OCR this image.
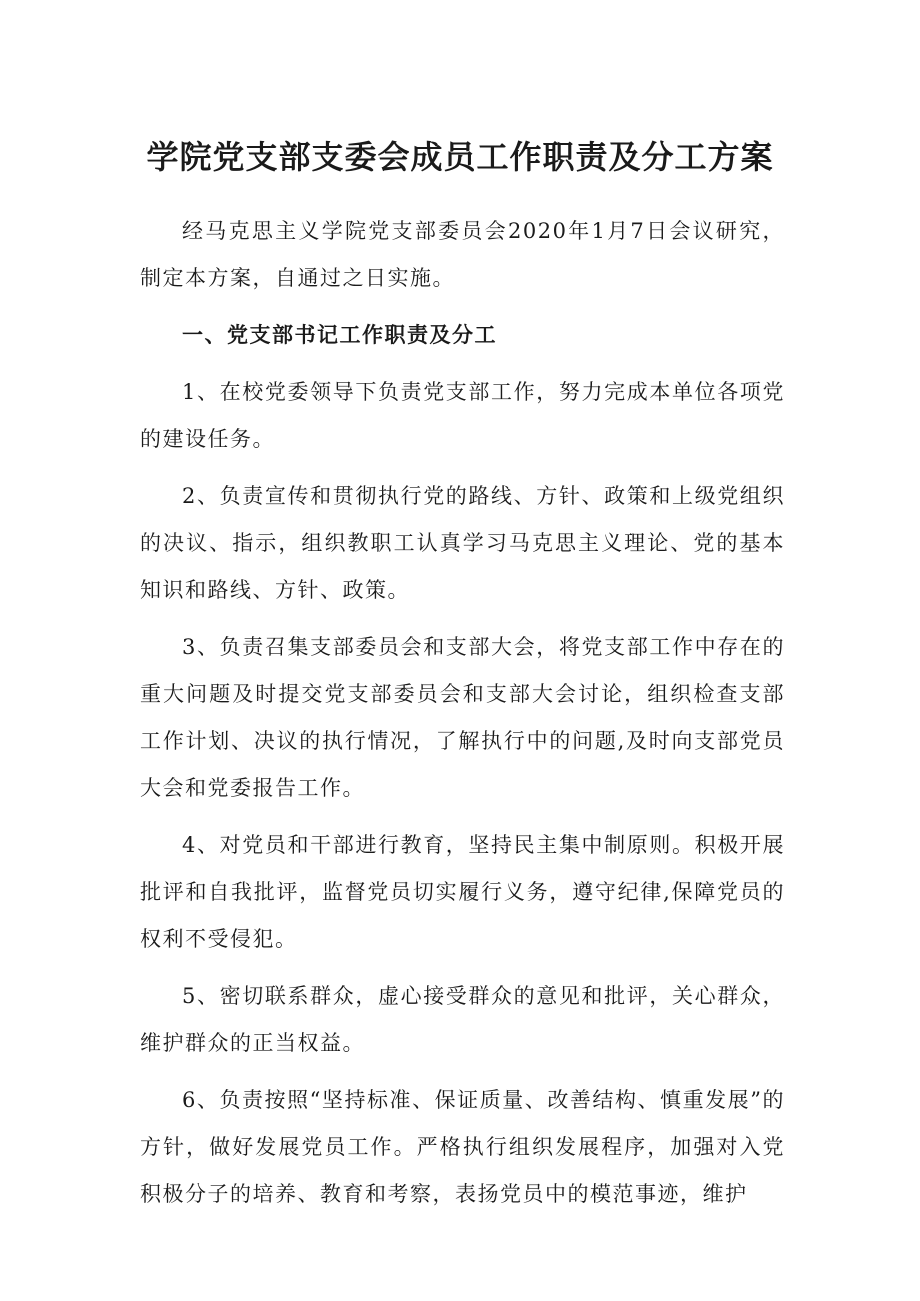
学院党支部支委会成员工作职责及分工方案

经马克思主义学院党支部委员会2020年1月7日会议研究，制定本方案，自通过之日实施。

一、党支部书记工作职责及分工

1、在校党委领导下负责党支部工作，努力完成本单位各项党的建设任务。

2、负责宣传和贯彻执行党的路线、方针、政策和上级党组织的决议、指示，组织教职工认真学习马克思主义理论、党的基本知识和路线、方针、政策。

3、负责召集支部委员会和支部大会，将党支部工作中存在的重大问题及时提交党支部委员会和支部大会讨论，组织检查支部工作计划、决议的执行情况，了解执行中的问题,及时向支部党员大会和党委报告工作。

4、对党员和干部进行教育，坚持民主集中制原则。积极开展批评和自我批评，监督党员切实履行义务，遵守纪律,保障党员的权利不受侵犯。

5、密切联系群众，虚心接受群众的意见和批评，关心群众，维护群众的正当权益。

6、负责按照“坚持标准、保证质量、改善结构、慎重发展”的方针，做好发展党员工作。严格执行组织发展程序，加强对入党积极分子的培养、教育和考察，表扬党员中的模范事迹，维护
